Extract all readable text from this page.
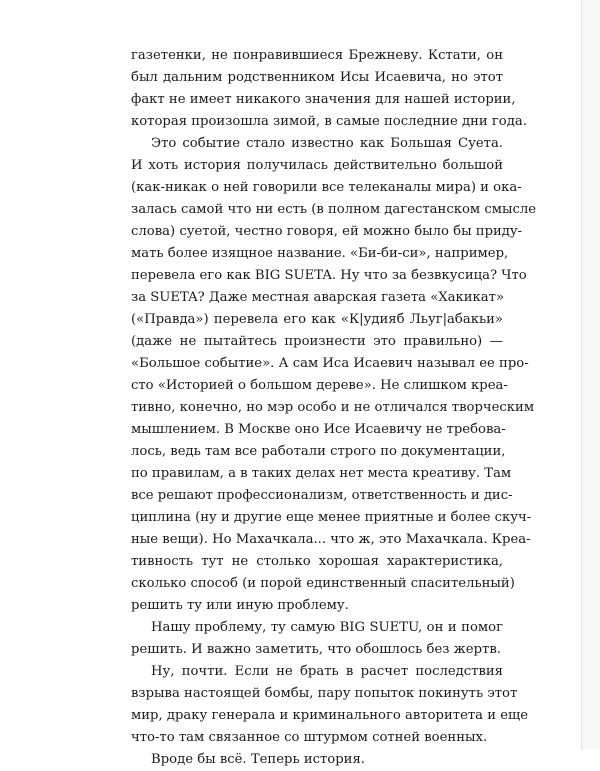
газетенки, не понравившиеся Брежневу. Кстати, он
был дальним родственником Исы Исаевича, но этот
факт не имеет никакого значения для нашей истории,
которая произошла зимой, в самые последние дни года.
Это событие стало известно как Большая Суета.
И хоть история получилась действительно большой
(как-никак о ней говорили все телеканалы мира) и ока-
залась самой что ни есть (в полном дагестанском смысле
слова) суетой, честно говоря, ей можно было бы приду-
мать более изящное название. «Би-би-си», например,
перевела его как BIG SUETA. Ну что за безвкусица? Что
за SUETA? Даже местная аварская газета «Хакикат»
(«Правда») перевела его как «К|удияб Льуг|абакьи»
(даже не пытайтесь произнести это правильно) —
«Большое событие». А сам Иса Исаевич называл ее про-
сто «Историей о большом дереве». Не слишком креа-
тивно, конечно, но мэр особо и не отличался творческим
мышлением. В Москве оно Исе Исаевичу не требова-
лось, ведь там все работали строго по документации,
по правилам, а в таких делах нет места креативу. Там
все решают профессионализм, ответственность и дис-
циплина (ну и другие еще менее приятные и более скуч-
ные вещи). Но Махачкала... что ж, это Махачкала. Креа-
тивность тут не столько хорошая характеристика,
сколько способ (и порой единственный спасительный)
решить ту или иную проблему.
Нашу проблему, ту самую BIG SUETU, он и помог
решить. И важно заметить, что обошлось без жертв.
Ну, почти. Если не брать в расчет последствия
взрыва настоящей бомбы, пару попыток покинуть этот
мир, драку генерала и криминального авторитета и еще
что-то там связанное со штурмом сотней военных.
Вроде бы всё. Теперь история.
